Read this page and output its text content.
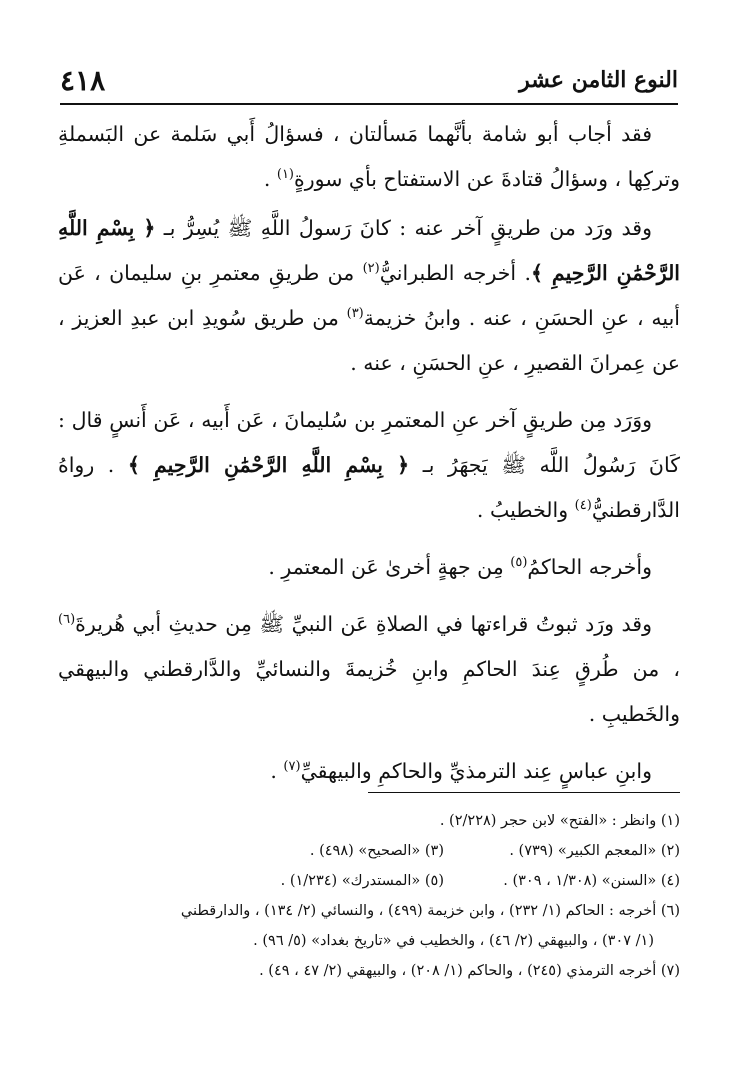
النوع الثامن عشر
٤١٨

فقد أجاب أبو شامة بأنَّهما مَسألتان ، فسؤالُ أَبي سَلمة عن البَسملةِ وتركِها ، وسؤالُ قتادةَ عن الاستفتاح بأي سورةٍ$^{(١)}$ .

وقد ورَد من طريقٍ آخر عنه : كانَ رَسولُ اللَّهِ ﷺ يُسِرُّ بـ ﴿ بِسْمِ اللَّهِ الرَّحْمَٰنِ الرَّحِيمِ ﴾. أخرجه الطبرانيُّ$^{(٢)}$ من طريقِ معتمرِ بنِ سليمان ، عَن أبيه ، عنِ الحسَنِ ، عنه . وابنُ خزيمة$^{(٣)}$ من طريق سُويدِ ابن عبدِ العزيز ، عن عِمرانَ القصيرِ ، عنِ الحسَنِ ، عنه .

ووَرَد مِن طريقٍ آخر عنِ المعتمرِ بن سُليمانَ ، عَن أَبيه ، عَن أَنسٍ قال : كَانَ رَسُولُ اللَّه ﷺ يَجهَرُ بـ ﴿ بِسْمِ اللَّهِ الرَّحْمَٰنِ الرَّحِيمِ ﴾ . رواهُ الدَّارقطنيُّ$^{(٤)}$ والخطيبُ .

وأخرجه الحاكمُ$^{(٥)}$ مِن جهةٍ أخرىٰ عَن المعتمرِ .

وقد ورَد ثبوتُ قراءتها في الصلاةِ عَن النبيِّ ﷺ مِن حديثِ أبي هُريرةَ$^{(٦)}$ ، من طُرقٍ عِندَ الحاكمِ وابنِ خُزيمةَ والنسائيِّ والدَّارقطني والبيهقي والخَطيبِ .

وابنِ عباسٍ عِند الترمذيِّ والحاكمِ والبيهقيِّ$^{(٧)}$ .

(١) وانظر : «الفتح» لابن حجر (٢/٢٢٨) .
(٢) «المعجم الكبير» (٧٣٩) .
(٣) «الصحيح» (٤٩٨) .
(٤) «السنن» (١/٣٠٨ ، ٣٠٩) .
(٥) «المستدرك» (١/٢٣٤) .
(٦) أخرجه : الحاكم (١/ ٢٣٢) ، وابن خزيمة (٤٩٩) ، والنسائي (٢/ ١٣٤) ، والدارقطني
(١/ ٣٠٧) ، والبيهقي (٢/ ٤٦) ، والخطيب في «تاريخ بغداد» (٥/ ٩٦) .
(٧) أخرجه الترمذي (٢٤٥) ، والحاكم (١/ ٢٠٨) ، والبيهقي (٢/ ٤٧ ، ٤٩) .
